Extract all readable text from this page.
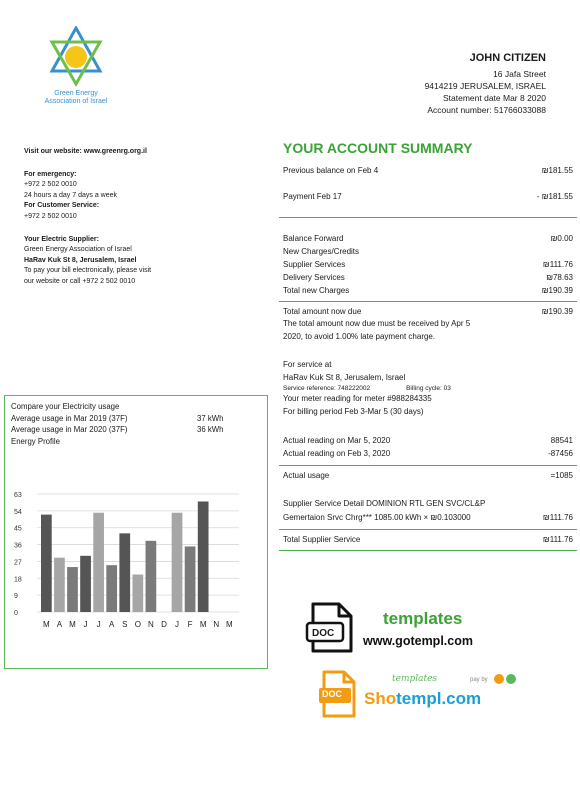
Green Energy
Association of Israel
JOHN CITIZEN
16 Jafa Street
9414219 JERUSALEM, ISRAEL
Statement date Mar 8 2020
Account number: 51766033088
Visit our website: www.greenrg.org.il
For emergency:
+972 2 502 0010
24 hours a day 7 days a week
For Customer Service:
+972 2 502 0010
Your Electric Supplier:
Green Energy Association of Israel
HaRav Kuk St 8, Jerusalem, Israel
To pay your bill electronically, please visit
our website or call +972 2 502 0010
YOUR ACCOUNT SUMMARY
Previous balance on Feb 4	₪181.55
Payment Feb 17	- ₪181.55
Balance Forward	₪0.00
New Charges/Credits
Supplier Services	₪111.76
Delivery Services	₪78.63
Total new Charges	₪190.39
Total amount now due	₪190.39
The total amount now due must be received by Apr 5
2020, to avoid 1.00% late payment charge.
For service at
HaRav Kuk St 8, Jerusalem, Israel
Service reference: 748222002	Billing cycle: 03
Your meter reading for meter #988284335
For billing period Feb 3-Mar 5 (30 days)
Actual reading on Mar 5, 2020	88541
Actual reading on Feb 3, 2020	-87456
Actual usage	=1085
Supplier Service Detail DOMINION RTL GEN SVC/CL&P
Gemertaion Srvc Chrg*** 1085.00 kWh × ₪0.103000	₪111.76
Total Supplier Service	₪111.76
Compare your Electricity usage
Average usage in Mar 2019 (37F)	37 kWh
Average usage in Mar 2020 (37F)	36 kWh
Energy Profile
0
9
18
27
36
45
54
63
M A M J J A S O N D J F M N M
DOC
templates
www.gotempl.com
DOC
templates	pay by
Shotempl.com
